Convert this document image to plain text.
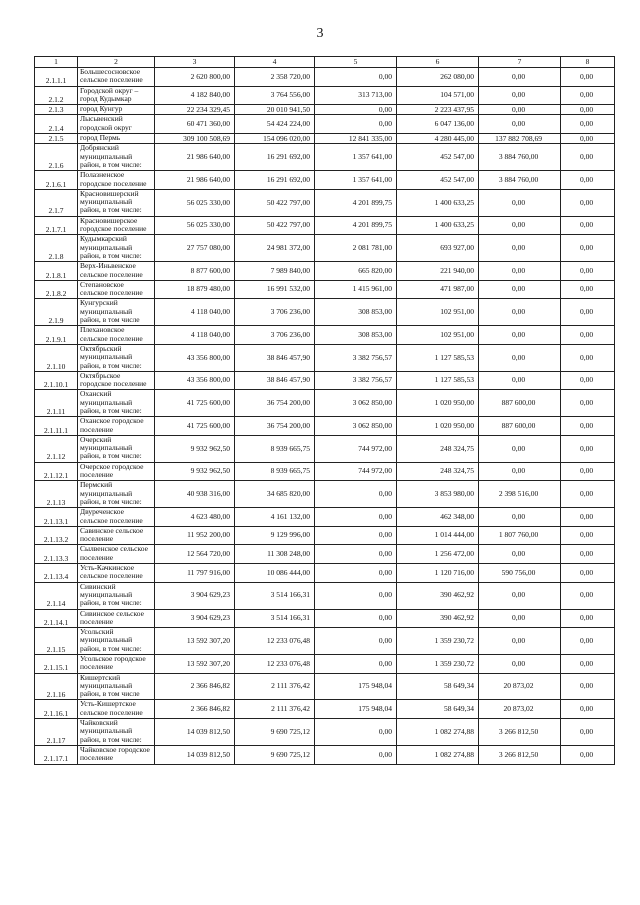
3
1	2	3	4	5	6	7	8
2.1.1.1	Большесосновское сельское поселение	2 620 800,00	2 358 720,00	0,00	262 080,00	0,00	0,00
2.1.2	Городской округ – город Кудымкар	4 182 840,00	3 764 556,00	313 713,00	104 571,00	0,00	0,00
2.1.3	город Кунгур	22 234 329,45	20 010 941,50	0,00	2 223 437,95	0,00	0,00
2.1.4	Лысьвенский городской округ	60 471 360,00	54 424 224,00	0,00	6 047 136,00	0,00	0,00
2.1.5	город Пермь	309 100 508,69	154 096 020,00	12 841 335,00	4 280 445,00	137 882 708,69	0,00
2.1.6	Добрянский муниципальный район, в том числе:	21 986 640,00	16 291 692,00	1 357 641,00	452 547,00	3 884 760,00	0,00
2.1.6.1	Полазненское городское поселение	21 986 640,00	16 291 692,00	1 357 641,00	452 547,00	3 884 760,00	0,00
2.1.7	Красновишерский муниципальный район, в том числе:	56 025 330,00	50 422 797,00	4 201 899,75	1 400 633,25	0,00	0,00
2.1.7.1	Красновишерское городское поселение	56 025 330,00	50 422 797,00	4 201 899,75	1 400 633,25	0,00	0,00
2.1.8	Кудымкарский муниципальный район, в том числе:	27 757 080,00	24 981 372,00	2 081 781,00	693 927,00	0,00	0,00
2.1.8.1	Верх-Иньвенское сельское поселение	8 877 600,00	7 989 840,00	665 820,00	221 940,00	0,00	0,00
2.1.8.2	Степановское сельское поселение	18 879 480,00	16 991 532,00	1 415 961,00	471 987,00	0,00	0,00
2.1.9	Кунгурский муниципальный район, в том числе	4 118 040,00	3 706 236,00	308 853,00	102 951,00	0,00	0,00
2.1.9.1	Плехановское сельское поселение	4 118 040,00	3 706 236,00	308 853,00	102 951,00	0,00	0,00
2.1.10	Октябрьский муниципальный район, в том числе:	43 356 800,00	38 846 457,90	3 382 756,57	1 127 585,53	0,00	0,00
2.1.10.1	Октябрьское городское поселение	43 356 800,00	38 846 457,90	3 382 756,57	1 127 585,53	0,00	0,00
2.1.11	Оханский муниципальный район, в том числе:	41 725 600,00	36 754 200,00	3 062 850,00	1 020 950,00	887 600,00	0,00
2.1.11.1	Оханское городское поселение	41 725 600,00	36 754 200,00	3 062 850,00	1 020 950,00	887 600,00	0,00
2.1.12	Очерский муниципальный район, в том числе:	9 932 962,50	8 939 665,75	744 972,00	248 324,75	0,00	0,00
2.1.12.1	Очерское городское поселение	9 932 962,50	8 939 665,75	744 972,00	248 324,75	0,00	0,00
2.1.13	Пермский муниципальный район, в том числе:	40 938 316,00	34 685 820,00	0,00	3 853 980,00	2 398 516,00	0,00
2.1.13.1	Двуреченское сельское поселение	4 623 480,00	4 161 132,00	0,00	462 348,00	0,00	0,00
2.1.13.2	Савинское сельское поселение	11 952 200,00	9 129 996,00	0,00	1 014 444,00	1 807 760,00	0,00
2.1.13.3	Сылвенское сельское поселение	12 564 720,00	11 308 248,00	0,00	1 256 472,00	0,00	0,00
2.1.13.4	Усть-Качкинское сельское поселение	11 797 916,00	10 086 444,00	0,00	1 120 716,00	590 756,00	0,00
2.1.14	Сивинский муниципальный район, в том числе:	3 904 629,23	3 514 166,31	0,00	390 462,92	0,00	0,00
2.1.14.1	Сивинское сельское поселение	3 904 629,23	3 514 166,31	0,00	390 462,92	0,00	0,00
2.1.15	Усольский муниципальный район, в том числе:	13 592 307,20	12 233 076,48	0,00	1 359 230,72	0,00	0,00
2.1.15.1	Усольское городское поселение	13 592 307,20	12 233 076,48	0,00	1 359 230,72	0,00	0,00
2.1.16	Кишертский муниципальный район, в том числе	2 366 846,82	2 111 376,42	175 948,04	58 649,34	20 873,02	0,00
2.1.16.1	Усть-Кишертское сельское поселение	2 366 846,82	2 111 376,42	175 948,04	58 649,34	20 873,02	0,00
2.1.17	Чайковский муниципальный район, в том числе:	14 039 812,50	9 690 725,12	0,00	1 082 274,88	3 266 812,50	0,00
2.1.17.1	Чайковское городское поселение	14 039 812,50	9 690 725,12	0,00	1 082 274,88	3 266 812,50	0,00
